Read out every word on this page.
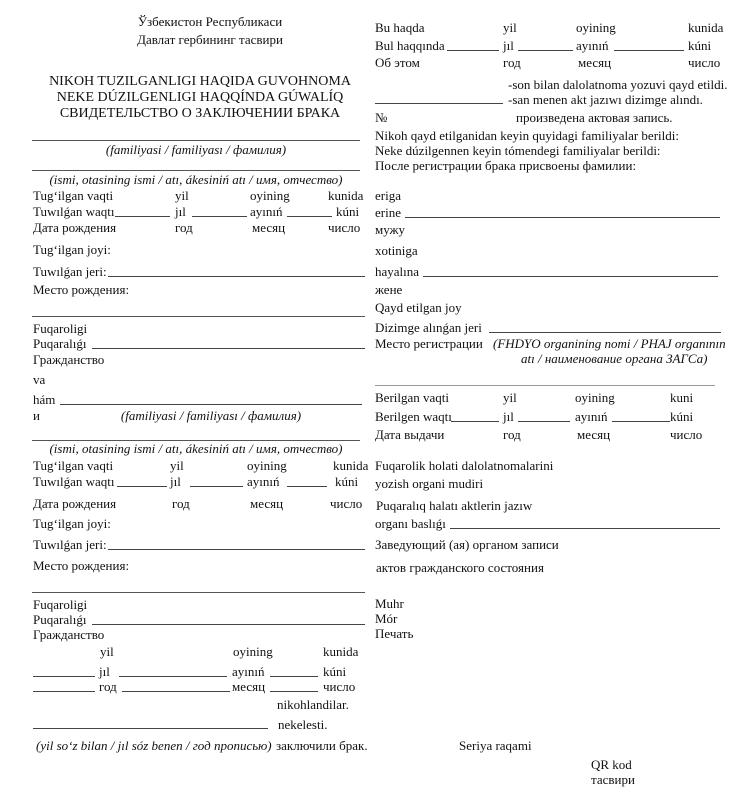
Ўзбекистон Республикаси
Давлат гербининг тасвири
NIKOH TUZILGANLIGI HAQIDA GUVOHNOMA
NEKE DÚZILGENLIGI HAQQÍNDA GÚWALÍQ
СВИДЕТЕЛЬСТВО О ЗАКЛЮЧЕНИИ БРАКА
(familiyasi / familiyası / фамилия)
(ismi, otasining ismi / atı, ákesiniń atı / имя, отчество)
Tug‘ilgan vaqti	yil	oyining	kunida
Tuwılǵan waqtı	jıl	ayınıń	kúni
Дата рождения	год	месяц	число
Tug‘ilgan joyi:
Tuwılǵan jeri:
Место рождения:
Fuqaroligi
Puqaralıǵı
Гражданство
va
hám
и	(familiyasi / familiyası / фамилия)
(ismi, otasining ismi / atı, ákesiniń atı / имя, отчество)
Tug‘ilgan vaqti	yil	oyining	kunida
Tuwılǵan waqtı	jıl	ayınıń	kúni
Дата рождения	год	месяц	число
Tug‘ilgan joyi:
Tuwılǵan jeri:
Место рождения:
Fuqaroligi
Puqaralıǵı
Гражданство
yil	oyining	kunida
jıl	ayınıń	kúni
год	месяц	число
nikohlandilar.
nekelesti.
(yil so‘z bilan / jıl sóz benen / год прописью) заключили брак.
Bu haqda	yil	oyining	kunida
Bul haqqında	jıl	ayınıń	kúni
Об этом	год	месяц	число
-son bilan dalolatnoma yozuvi qayd etildi.
-san menen akt jazıwı dizimge alındı.
№	произведена актовая запись.
Nikoh qayd etilganidan keyin quyidagi familiyalar berildi:
Neke dúzilgennen keyin tómendegi familiyalar berildi:
После регистрации брака присвоены фамилии:
eriga
erine
мужу
xotiniga
hayalına
жене
Qayd etilgan joy
Dizimge alınǵan jeri
Место регистрации (FHDYO organining nomi / PHAJ organının
atı / наименование органа ЗАГСа)
Berilgan vaqti	yil	oyining	kuni
Berilgen waqtı	jıl	ayınıń	kúni
Дата выдачи	год	месяц	число
Fuqarolik holati dalolatnomalarini
yozish organi mudiri
Puqaralıq halatı aktlerin jazıw
organı baslıǵı
Заведующий (ая) органом записи
актов гражданского состояния
Muhr
Mór
Печать
Seriya raqami
QR kod
тасвири
